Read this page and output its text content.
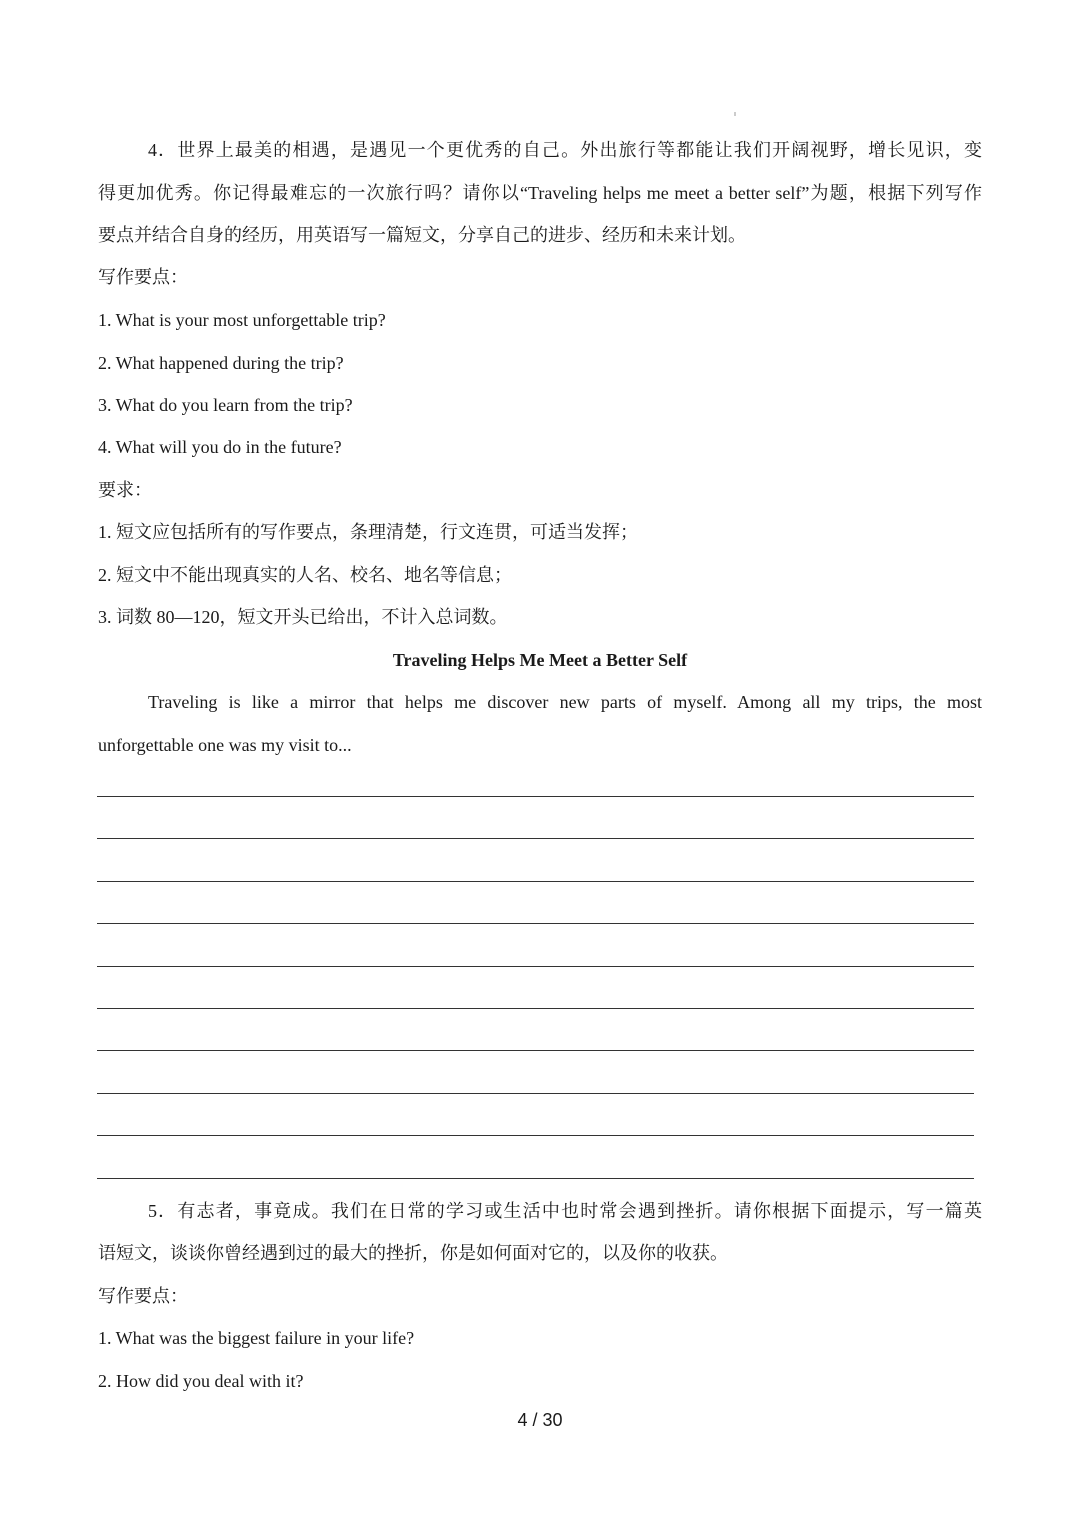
4．世界上最美的相遇，是遇见一个更优秀的自己。外出旅行等都能让我们开阔视野，增长见识，变
得更加优秀。你记得最难忘的一次旅行吗？请你以“Traveling helps me meet a better self”为题，根据下列写作
要点并结合自身的经历，用英语写一篇短文，分享自己的进步、经历和未来计划。
写作要点：
1. What is your most unforgettable trip?
2. What happened during the trip?
3. What do you learn from the trip?
4. What will you do in the future?
要求：
1. 短文应包括所有的写作要点，条理清楚，行文连贯，可适当发挥；
2. 短文中不能出现真实的人名、校名、地名等信息；
3. 词数 80—120，短文开头已给出，不计入总词数。
Traveling Helps Me Meet a Better Self
Traveling is like a mirror that helps me discover new parts of myself. Among all my trips, the most
unforgettable one was my visit to...
5．有志者，事竟成。我们在日常的学习或生活中也时常会遇到挫折。请你根据下面提示，写一篇英
语短文，谈谈你曾经遇到过的最大的挫折，你是如何面对它的，以及你的收获。
写作要点：
1. What was the biggest failure in your life?
2. How did you deal with it?
4 / 30
